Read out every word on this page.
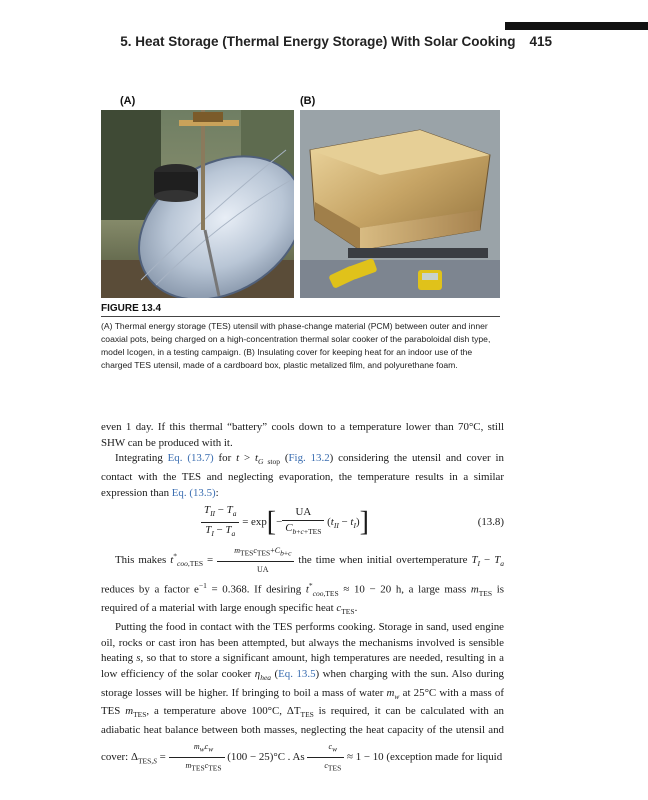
5. Heat Storage (Thermal Energy Storage) With Solar Cooking 415
(A)	(B)
FIGURE 13.4
(A) Thermal energy storage (TES) utensil with phase-change material (PCM) between outer and inner coaxial pots, being charged on a high-concentration thermal solar cooker of the paraboloidal dish type, model Icogen, in a testing campaign. (B) Insulating cover for keeping heat for an indoor use of the charged TES utensil, made of a cardboard box, plastic metalized film, and polyurethane foam.

even 1 day. If this thermal “battery” cools down to a temperature lower than 70°C, still SHW can be produced with it.

Integrating Eq. (13.7) for $t > t_{G stop}$ (Fig. 13.2) considering the utensil and cover in contact with the TES and neglecting evaporation, the temperature results in a similar expression than Eq. (13.5):

$\frac{T_{II} - T_a}{T_I - T_a} = \exp[- \frac{UA}{C_{b+c+TES}} (t_{II} - t_I)]$	(13.8)

This makes $t^*_{coo,TES} = \frac{m_{TES}c_{TES}+C_{b+c}}{UA}$ the time when initial overtemperature $T_I - T_a$ reduces by a factor $e^{-1} = 0.368$. If desiring $t^*_{coo,TES} \approx 10 - 20$ h, a large mass $m_{TES}$ is required of a material with large enough specific heat $c_{TES}$.

Putting the food in contact with the TES performs cooking. Storage in sand, used engine oil, rocks or cast iron has been attempted, but always the mechanisms involved is sensible heating s, so that to store a significant amount, high temperatures are needed, resulting in a low efficiency of the solar cooker $\eta_{hea}$ (Eq. 13.5) when charging with the sun. Also during storage losses will be higher. If bringing to boil a mass of water $m_w$ at 25°C with a mass of TES $m_{TES}$, a temperature above 100°C, $\Delta T_{TES}$ is required, it can be calculated with an adiabatic heat balance between both masses, neglecting the heat capacity of the utensil and cover: $\Delta_{TES,S} = \frac{m_wc_w}{m_{TES}c_{TES}} (100 - 25)^\circ C$ . As $\frac{c_w}{c_{TES}} \approx 1 - 10$ (exception made for liquid
